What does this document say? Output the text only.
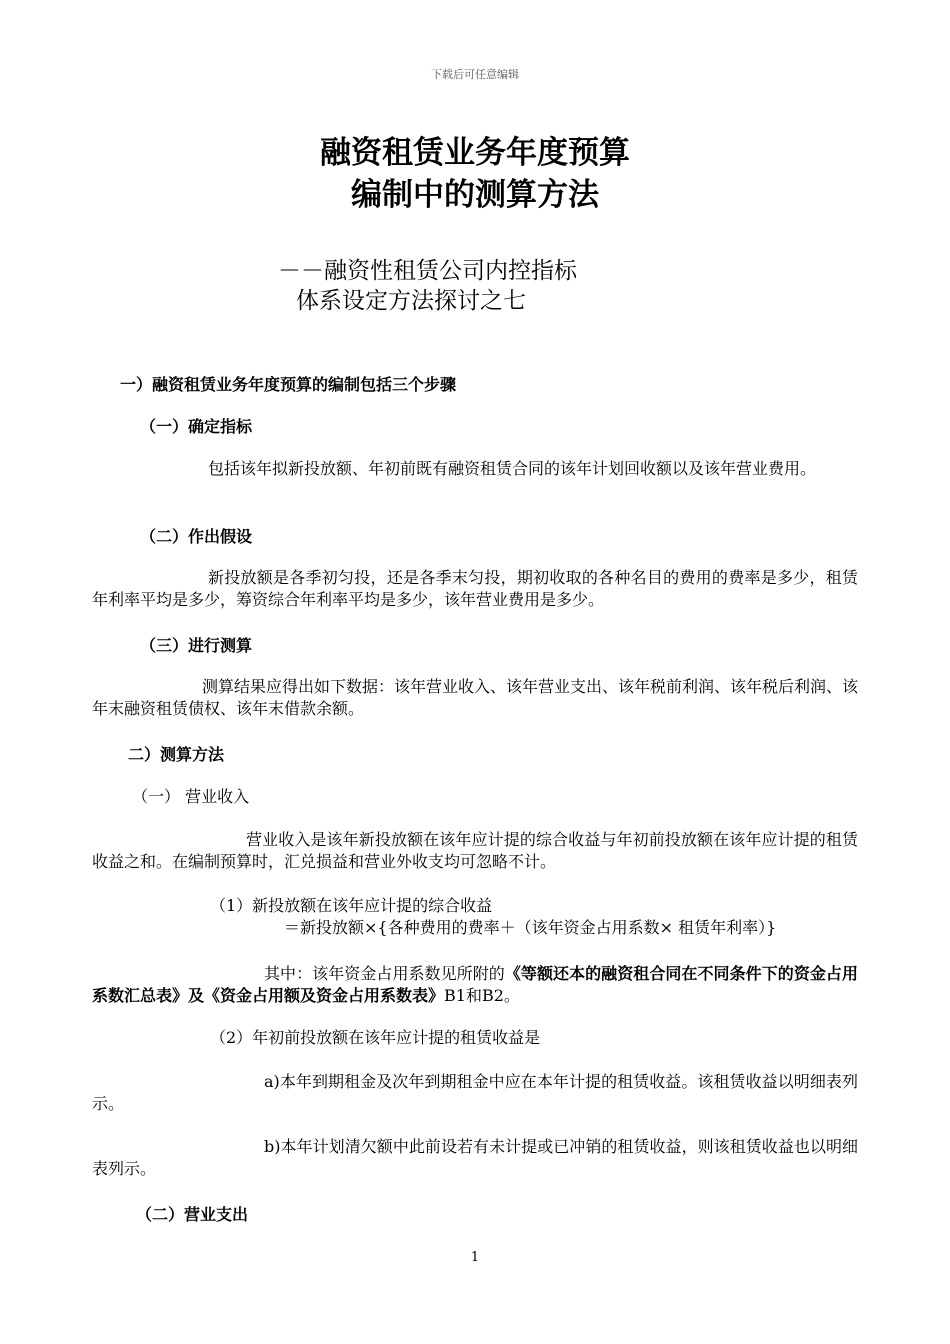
下载后可任意编辑
融资租赁业务年度预算
编制中的测算方法
－－融资性租赁公司内控指标
体系设定方法探讨之七
一）融资租赁业务年度预算的编制包括三个步骤
（一）确定指标

包括该年拟新投放额、年初前既有融资租赁合同的该年计划回收额以及该年营业费用。

（二）作出假设

新投放额是各季初匀投，还是各季末匀投，期初收取的各种名目的费用的费率是多少，租赁年利率平均是多少，筹资综合年利率平均是多少，该年营业费用是多少。

（三）进行测算

测算结果应得出如下数据：该年营业收入、该年营业支出、该年税前利润、该年税后利润、该年末融资租赁债权、该年末借款余额。

二）测算方法
（一） 营业收入

营业收入是该年新投放额在该年应计提的综合收益与年初前投放额在该年应计提的租赁收益之和。在编制预算时，汇兑损益和营业外收支均可忽略不计。

（1）新投放额在该年应计提的综合收益

＝新投放额×{各种费用的费率＋（该年资金占用系数× 租赁年利率）}

其中：该年资金占用系数见所附的《等额还本的融资租合同在不同条件下的资金占用系数汇总表》及《资金占用额及资金占用系数表》B1和B2。

（2）年初前投放额在该年应计提的租赁收益是

a)本年到期租金及次年到期租金中应在本年计提的租赁收益。该租赁收益以明细表列示。

b)本年计划清欠额中此前设若有未计提或已冲销的租赁收益，则该租赁收益也以明细表列示。

（二）营业支出
1
